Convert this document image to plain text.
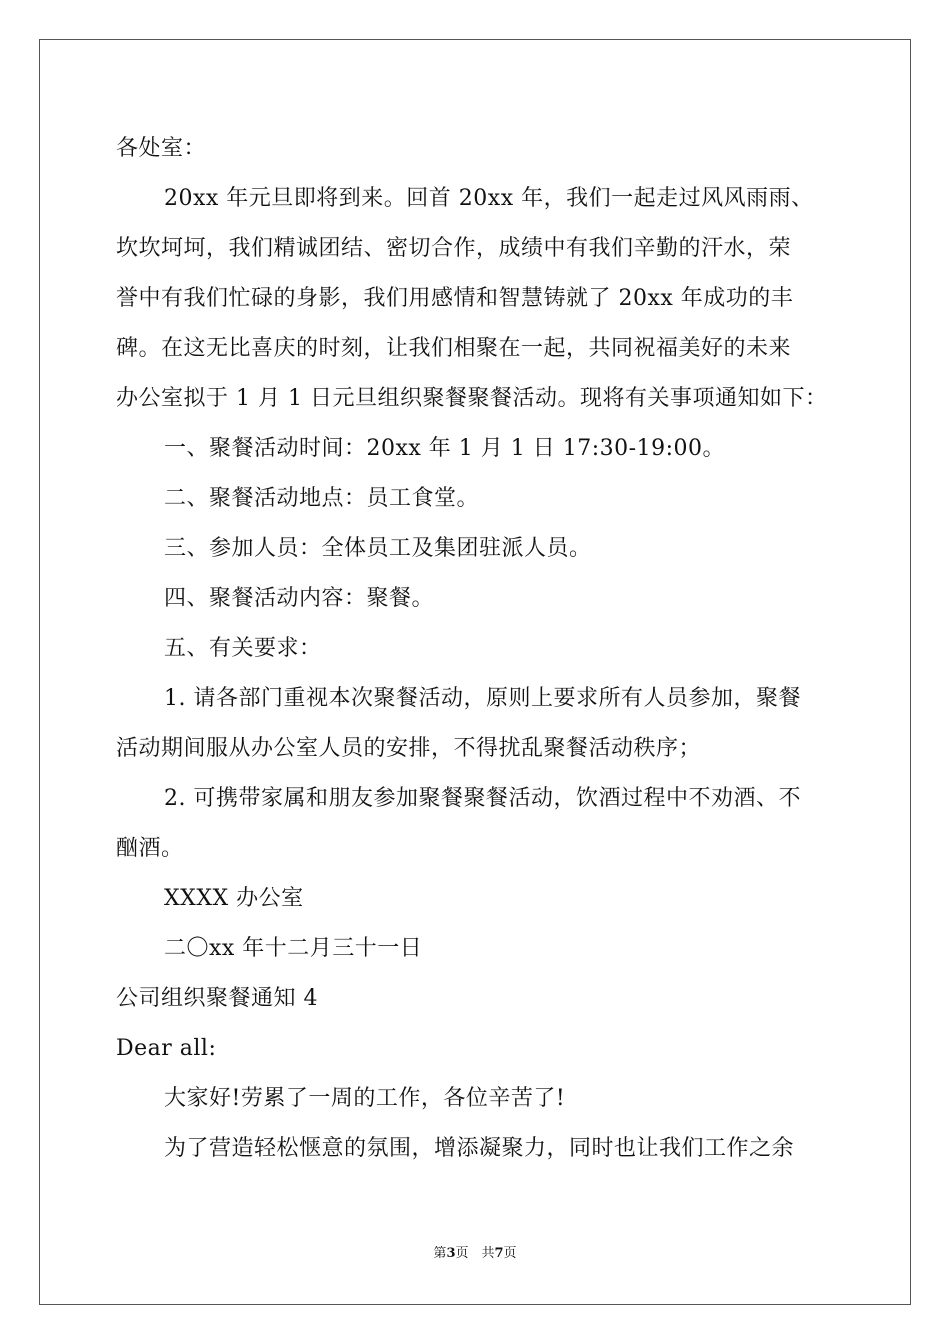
各处室：
20xx 年元旦即将到来。回首 20xx 年，我们一起走过风风雨雨、
坎坎坷坷，我们精诚团结、密切合作，成绩中有我们辛勤的汗水，荣
誉中有我们忙碌的身影，我们用感情和智慧铸就了 20xx 年成功的丰
碑。在这无比喜庆的时刻，让我们相聚在一起，共同祝福美好的未来
办公室拟于 1 月 1 日元旦组织聚餐聚餐活动。现将有关事项通知如下：
一、聚餐活动时间：20xx 年 1 月 1 日 17:30-19:00。
二、聚餐活动地点：员工食堂。
三、参加人员：全体员工及集团驻派人员。
四、聚餐活动内容：聚餐。
五、有关要求：
1. 请各部门重视本次聚餐活动，原则上要求所有人员参加，聚餐
活动期间服从办公室人员的安排，不得扰乱聚餐活动秩序；
2. 可携带家属和朋友参加聚餐聚餐活动，饮酒过程中不劝酒、不
酗酒。
XXXX 办公室
二〇xx 年十二月三十一日
公司组织聚餐通知 4
Dear all:
大家好!劳累了一周的工作，各位辛苦了!
为了营造轻松惬意的氛围，增添凝聚力，同时也让我们工作之余
第3页　共7页
